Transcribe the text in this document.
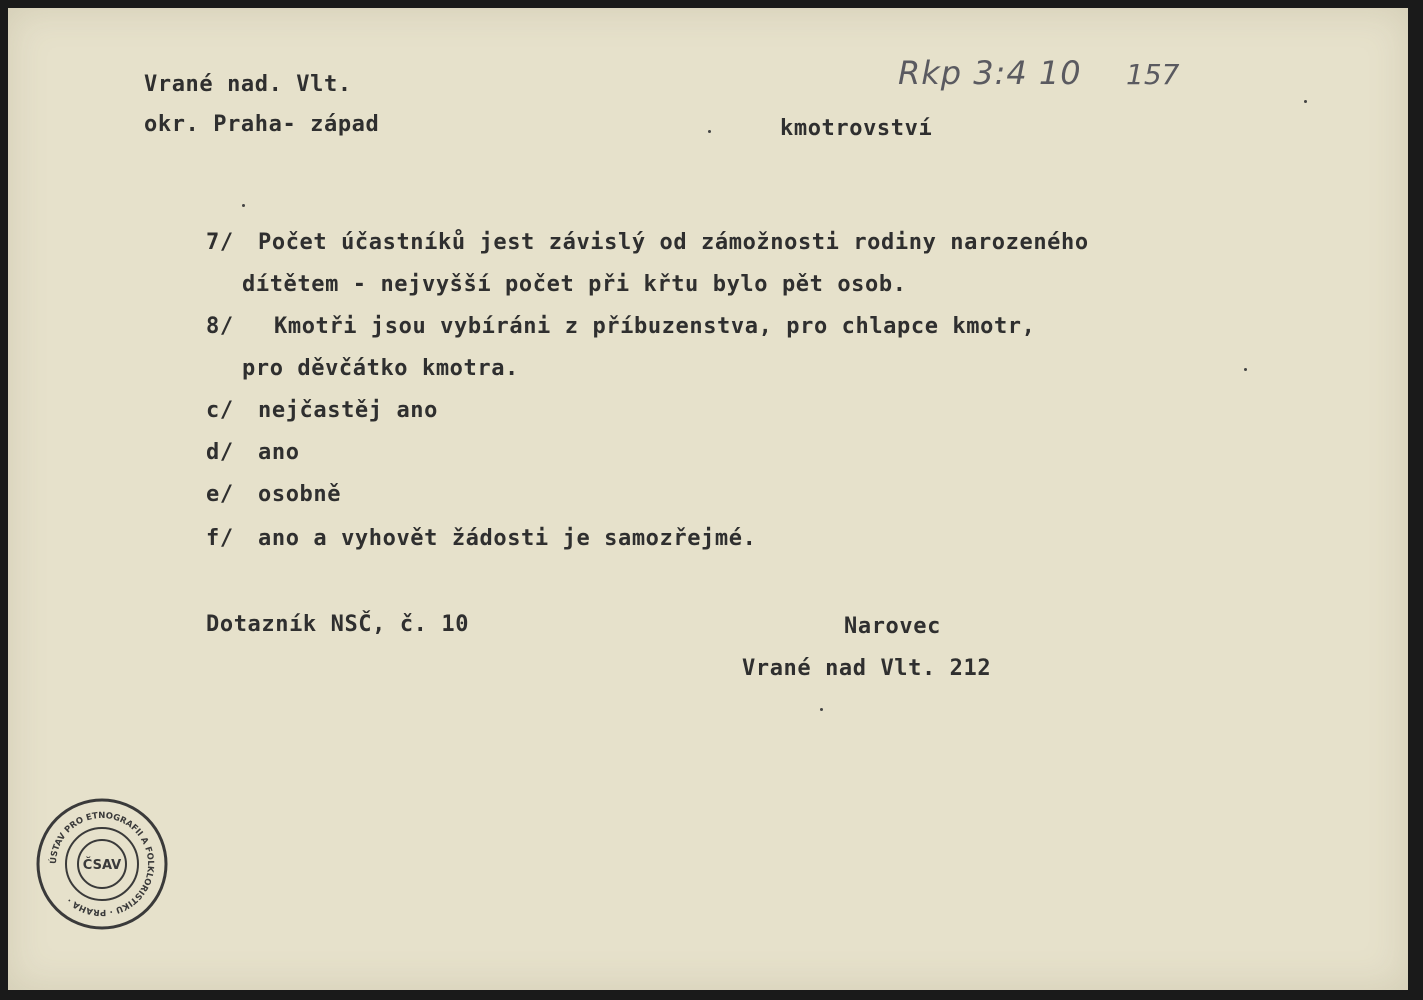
Vrané nad. Vlt.
okr. Praha- západ	kmotrovství
Rkp 3:4 10 157
7/ Počet účastníků jest závislý od zámožnosti rodiny narozeného
dítětem - nejvyšší počet při křtu bylo pět osob.
8/ Kmotři jsou vybíráni z příbuzenstva, pro chlapce kmotr,
pro děvčátko kmotra.
c/ nejčastěj ano
d/ ano
e/ osobně
f/ ano a vyhovět žádosti je samozřejmé.
Dotazník NSČ, č. 10	Narovec
Vrané nad Vlt. 212
ÚSTAV PRO ETNOGRAFII A FOLKLORISTIKU · PRAHA ·
ČSAV
